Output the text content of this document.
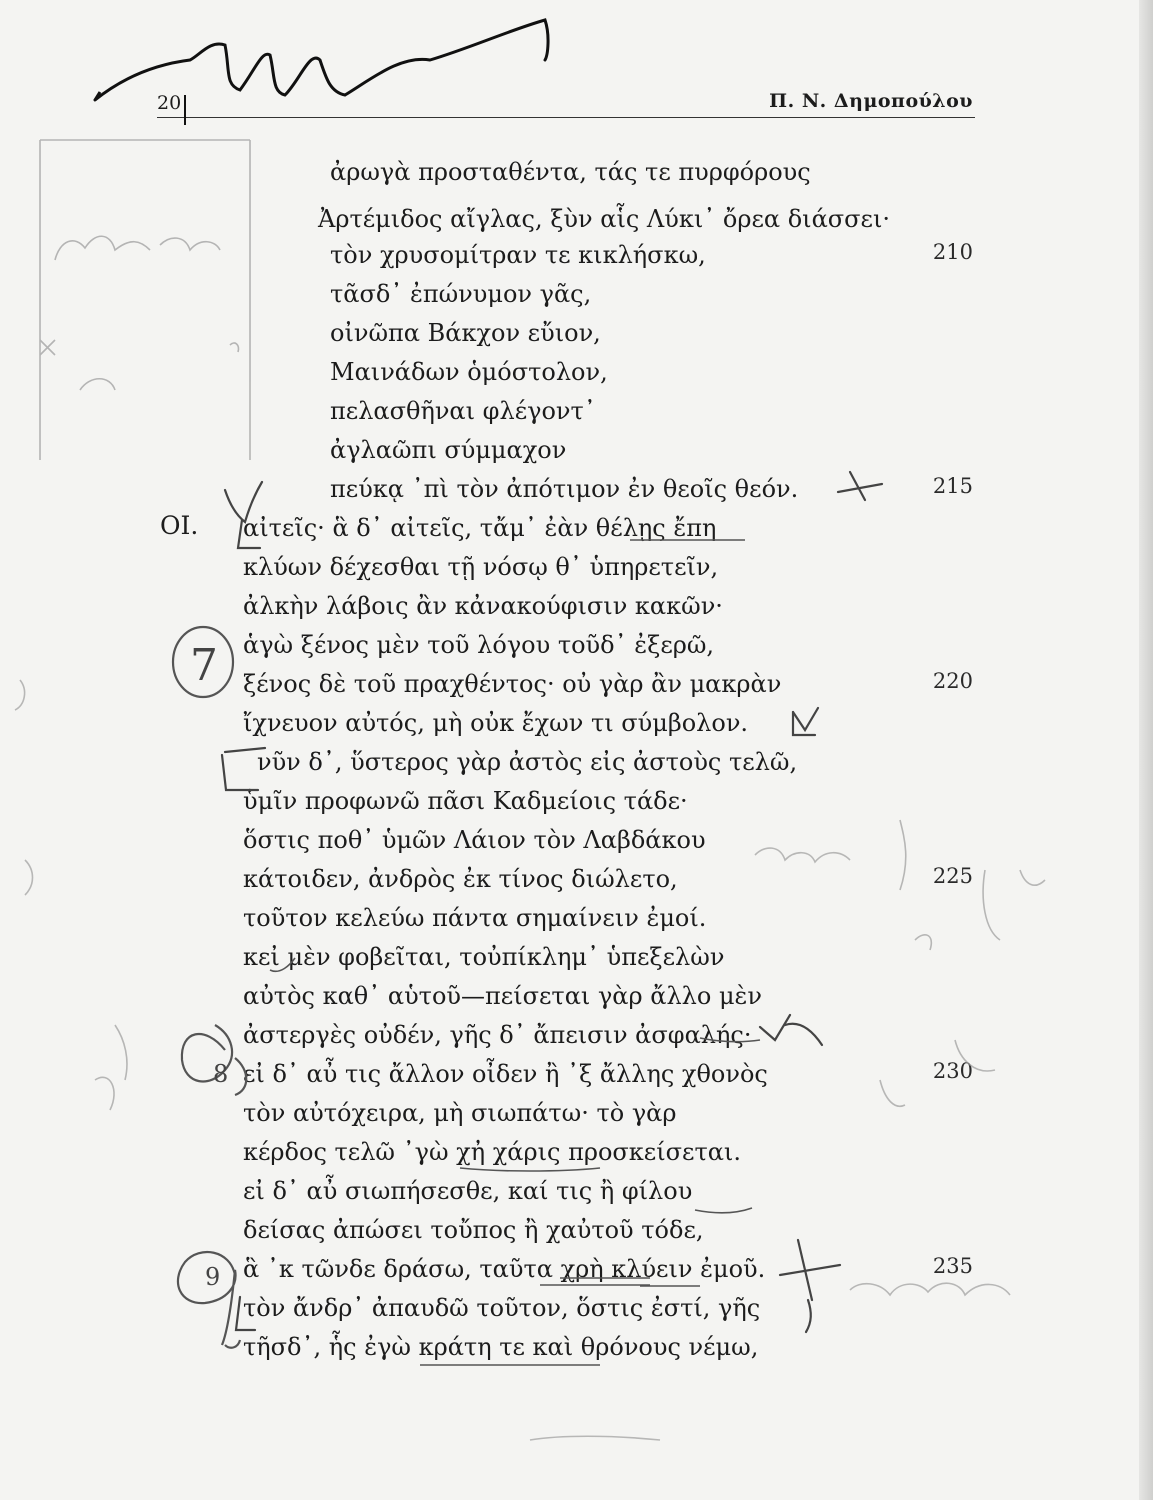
20	Π. Ν. Δημοπούλου
ΟΙ.
ἀρωγὰ προσταθέντα, τάς τε πυρφόρους
Ἀρτέμιδος αἴγλας, ξὺν αἷς Λύκι᾽ ὄρεα διάσσει·
τὸν χρυσομίτραν τε κικλήσκω,
τᾶσδ᾽ ἐπώνυμον γᾶς,
οἰνῶπα Βάκχον εὔιον,
Μαινάδων ὁμόστολον,
πελασθῆναι φλέγοντ᾽
ἀγλαῶπι σύμμαχον
πεύκᾳ ᾽πὶ τὸν ἀπότιμον ἐν θεοῖς θεόν.
αἰτεῖς· ἃ δ᾽ αἰτεῖς, τἄμ᾽ ἐὰν θέλῃς ἔπη
κλύων δέχεσθαι τῇ νόσῳ θ᾽ ὑπηρετεῖν,
ἀλκὴν λάβοις ἂν κἀνακούφισιν κακῶν·
ἁγὼ ξένος μὲν τοῦ λόγου τοῦδ᾽ ἐξερῶ,
ξένος δὲ τοῦ πραχθέντος· οὐ γὰρ ἂν μακρὰν
ἴχνευον αὐτός, μὴ οὐκ ἔχων τι σύμβολον.
νῦν δ᾽, ὕστερος γὰρ ἀστὸς εἰς ἀστοὺς τελῶ,
ὑμῖν προφωνῶ πᾶσι Καδμείοις τάδε·
ὅστις ποθ᾽ ὑμῶν Λάιον τὸν Λαβδάκου
κάτοιδεν, ἀνδρὸς ἐκ τίνος διώλετο,
τοῦτον κελεύω πάντα σημαίνειν ἐμοί.
κεἰ μὲν φοβεῖται, τοὐπίκλημ᾽ ὑπεξελὼν
αὐτὸς καθ᾽ αὑτοῦ—πείσεται γὰρ ἄλλο μὲν
ἀστεργὲς οὐδέν, γῆς δ᾽ ἄπεισιν ἀσφαλής·
εἰ δ᾽ αὖ τις ἄλλον οἶδεν ἢ ᾽ξ ἄλλης χθονὸς
τὸν αὐτόχειρα, μὴ σιωπάτω· τὸ γὰρ
κέρδος τελῶ ᾽γὼ χἠ χάρις προσκείσεται.
εἰ δ᾽ αὖ σιωπήσεσθε, καί τις ἢ φίλου
δείσας ἀπώσει τοὔπος ἢ χαὐτοῦ τόδε,
ἃ ᾽κ τῶνδε δράσω, ταῦτα χρὴ κλύειν ἐμοῦ.
τὸν ἄνδρ᾽ ἀπαυδῶ τοῦτον, ὅστις ἐστί, γῆς
τῆσδ᾽, ἧς ἐγὼ κράτη τε καὶ θρόνους νέμω,
210
215
220
225
230
235
7
8
9
